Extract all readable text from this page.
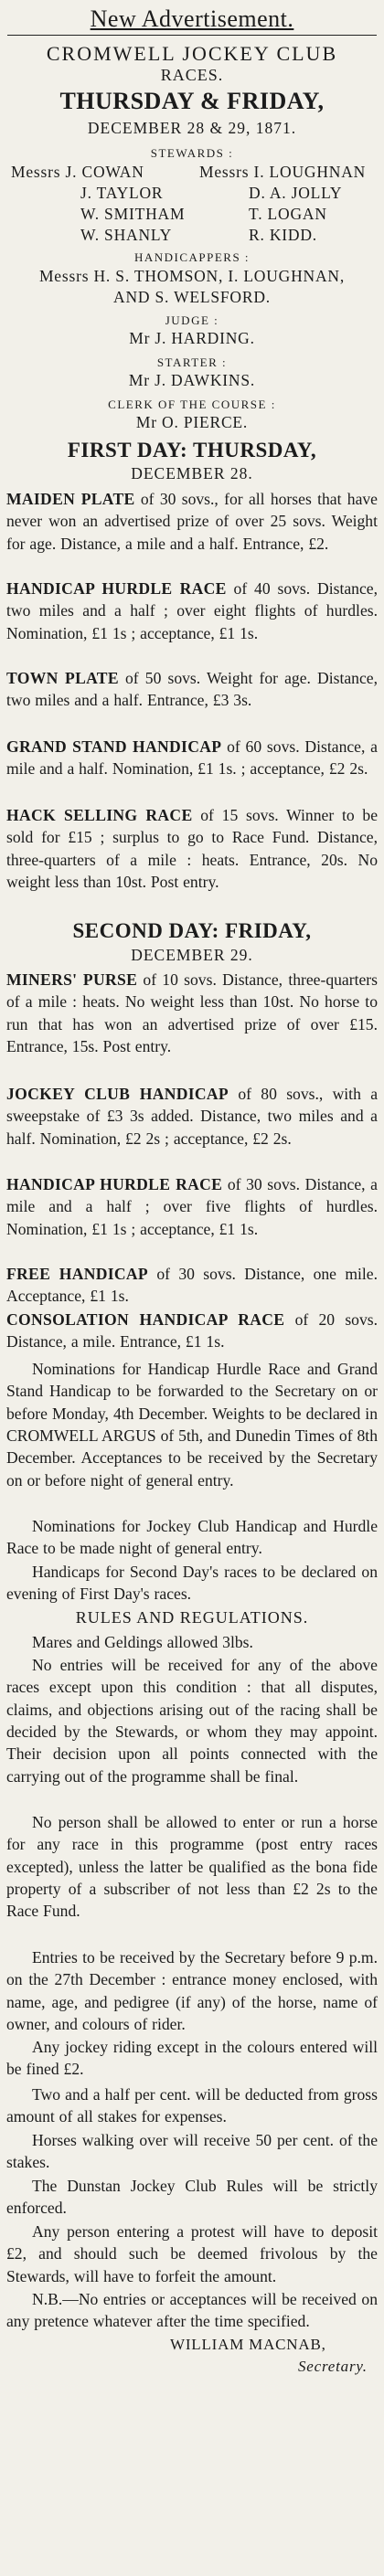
New Advertisement.
CROMWELL JOCKEY CLUB
RACES.
THURSDAY & FRIDAY,
DECEMBER 28 & 29, 1871.
STEWARDS :
Messrs J. COWAN	Messrs I. LOUGHNAN
J. TAYLOR	D. A. JOLLY
W. SMITHAM	T. LOGAN
W. SHANLY	R. KIDD.
HANDICAPPERS :
Messrs H. S. THOMSON, I. LOUGHNAN,
AND S. WELSFORD.
JUDGE :
Mr J. HARDING.
STARTER :
Mr J. DAWKINS.
CLERK OF THE COURSE :
Mr O. PIERCE.
FIRST DAY: THURSDAY,
DECEMBER 28.

MAIDEN PLATE of 30 sovs., for all horses that have never won an advertised prize of over 25 sovs. Weight for age. Distance, a mile and a half. Entrance, £2.

HANDICAP HURDLE RACE of 40 sovs. Distance, two miles and a half ; over eight flights of hurdles. Nomination, £1 1s ; acceptance, £1 1s.

TOWN PLATE of 50 sovs. Weight for age. Distance, two miles and a half. Entrance, £3 3s.

GRAND STAND HANDICAP of 60 sovs. Distance, a mile and a half. Nomination, £1 1s. ; acceptance, £2 2s.

HACK SELLING RACE of 15 sovs. Winner to be sold for £15 ; surplus to go to Race Fund. Distance, three-quarters of a mile : heats. Entrance, 20s. No weight less than 10st. Post entry.

SECOND DAY: FRIDAY,
DECEMBER 29.

MINERS' PURSE of 10 sovs. Distance, three-quarters of a mile : heats. No weight less than 10st. No horse to run that has won an advertised prize of over £15. Entrance, 15s. Post entry.

JOCKEY CLUB HANDICAP of 80 sovs., with a sweepstake of £3 3s added. Distance, two miles and a half. Nomination, £2 2s ; acceptance, £2 2s.

HANDICAP HURDLE RACE of 30 sovs. Distance, a mile and a half ; over five flights of hurdles. Nomination, £1 1s ; acceptance, £1 1s.

FREE HANDICAP of 30 sovs. Distance, one mile. Acceptance, £1 1s.

CONSOLATION HANDICAP RACE of 20 sovs. Distance, a mile. Entrance, £1 1s.

Nominations for Handicap Hurdle Race and Grand Stand Handicap to be forwarded to the Secretary on or before Monday, 4th December. Weights to be declared in CROMWELL ARGUS of 5th, and Dunedin Times of 8th December. Acceptances to be received by the Secretary on or before night of general entry.

Nominations for Jockey Club Handicap and Hurdle Race to be made night of general entry.

Handicaps for Second Day's races to be declared on evening of First Day's races.

RULES AND REGULATIONS.

Mares and Geldings allowed 3lbs.

No entries will be received for any of the above races except upon this condition : that all disputes, claims, and objections arising out of the racing shall be decided by the Stewards, or whom they may appoint. Their decision upon all points connected with the carrying out of the programme shall be final.

No person shall be allowed to enter or run a horse for any race in this programme (post entry races excepted), unless the latter be qualified as the bona fide property of a subscriber of not less than £2 2s to the Race Fund.

Entries to be received by the Secretary before 9 p.m. on the 27th December : entrance money enclosed, with name, age, and pedigree (if any) of the horse, name of owner, and colours of rider.

Any jockey riding except in the colours entered will be fined £2.

Two and a half per cent. will be deducted from gross amount of all stakes for expenses.

Horses walking over will receive 50 per cent. of the stakes.

The Dunstan Jockey Club Rules will be strictly enforced.

Any person entering a protest will have to deposit £2, and should such be deemed frivolous by the Stewards, will have to forfeit the amount.

N.B.—No entries or acceptances will be received on any pretence whatever after the time specified.

WILLIAM MACNAB,
Secretary.
